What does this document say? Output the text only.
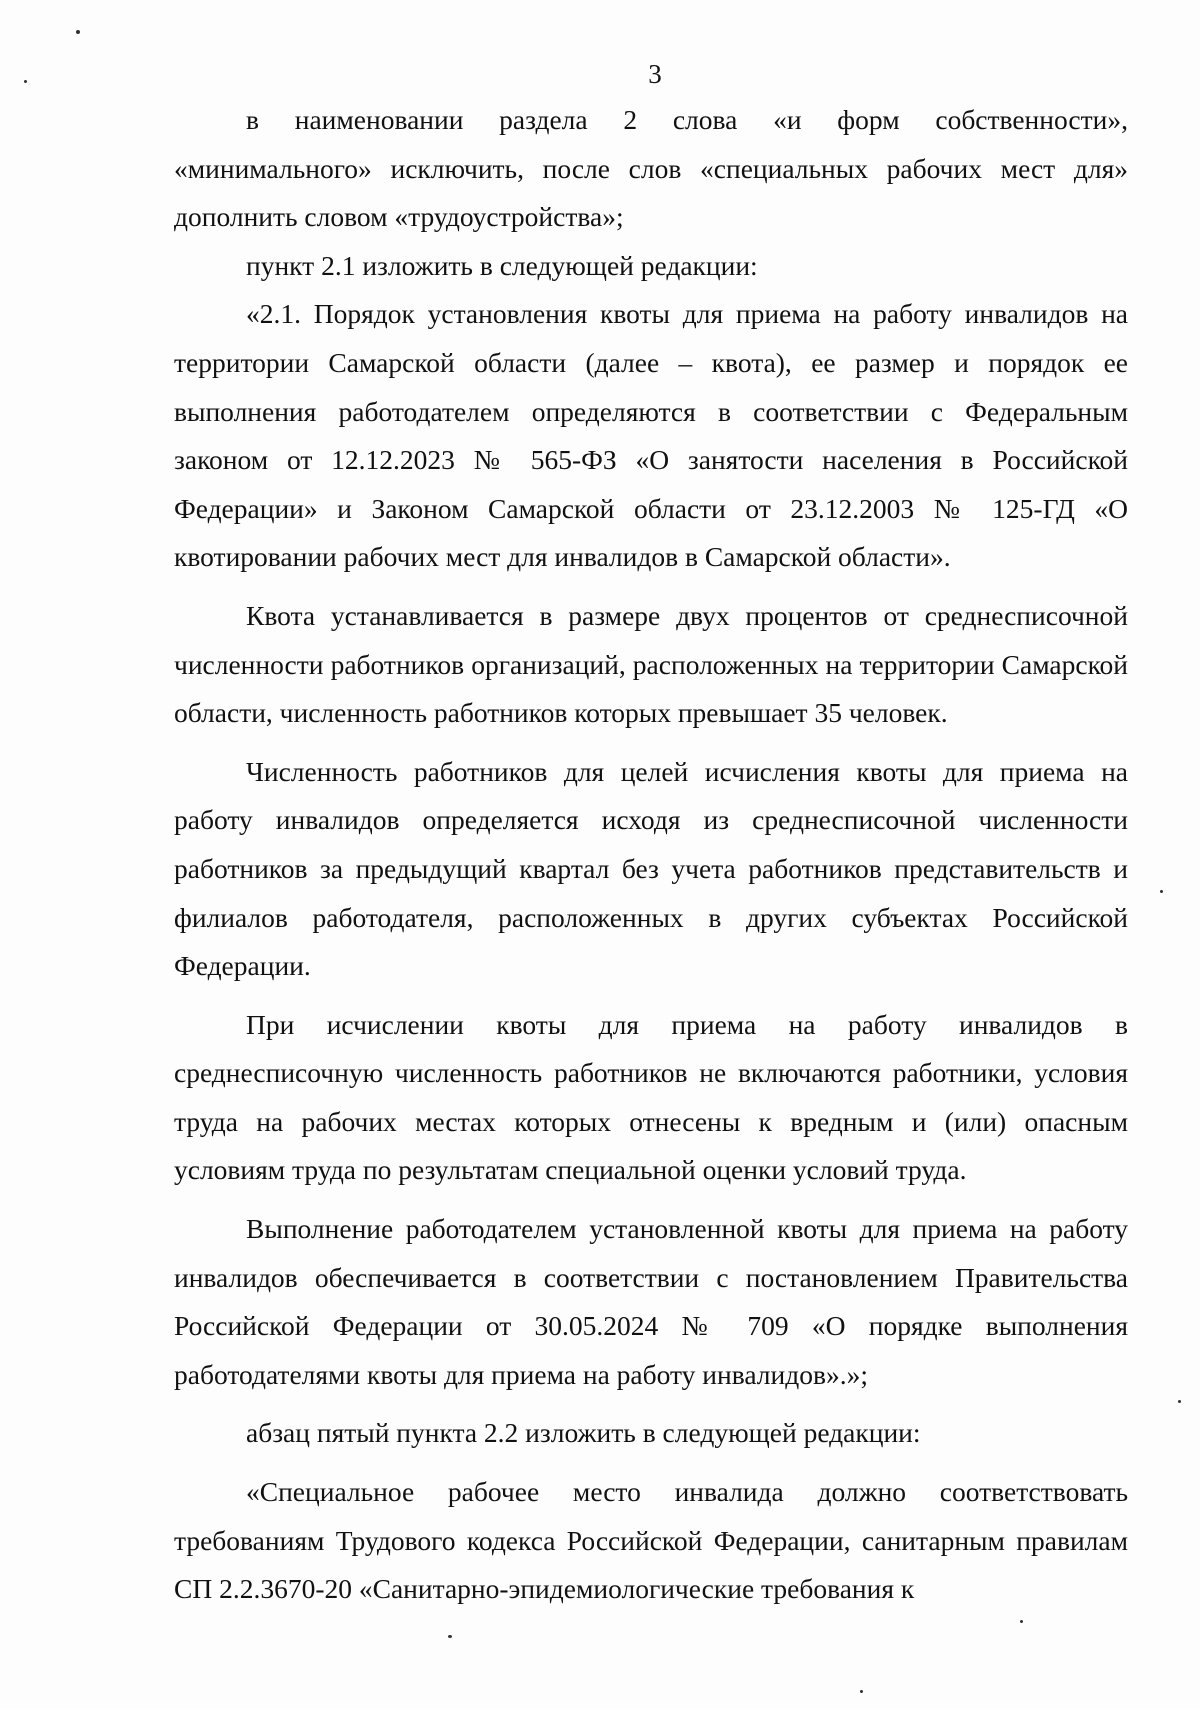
3

в наименовании раздела 2 слова «и форм собственности», «минимального» исключить, после слов «специальных рабочих мест для» дополнить словом «трудоустройства»;

пункт 2.1 изложить в следующей редакции:

«2.1. Порядок установления квоты для приема на работу инвалидов на территории Самарской области (далее – квота), ее размер и порядок ее выполнения работодателем определяются в соответствии с Федеральным законом от 12.12.2023 № 565-ФЗ «О занятости населения в Российской Федерации» и Законом Самарской области от 23.12.2003 № 125-ГД «О квотировании рабочих мест для инвалидов в Самарской области».

Квота устанавливается в размере двух процентов от среднесписочной численности работников организаций, расположенных на территории Самарской области, численность работников которых превышает 35 человек.

Численность работников для целей исчисления квоты для приема на работу инвалидов определяется исходя из среднесписочной численности работников за предыдущий квартал без учета работников представительств и филиалов работодателя, расположенных в других субъектах Российской Федерации.

При исчислении квоты для приема на работу инвалидов в среднесписочную численность работников не включаются работники, условия труда на рабочих местах которых отнесены к вредным и (или) опасным условиям труда по результатам специальной оценки условий труда.

Выполнение работодателем установленной квоты для приема на работу инвалидов обеспечивается в соответствии с постановлением Правительства Российской Федерации от 30.05.2024 № 709 «О порядке выполнения работодателями квоты для приема на работу инвалидов».»;

абзац пятый пункта 2.2 изложить в следующей редакции:

«Специальное рабочее место инвалида должно соответствовать требованиям Трудового кодекса Российской Федерации, санитарным правилам СП 2.2.3670-20 «Санитарно-эпидемиологические требования к
